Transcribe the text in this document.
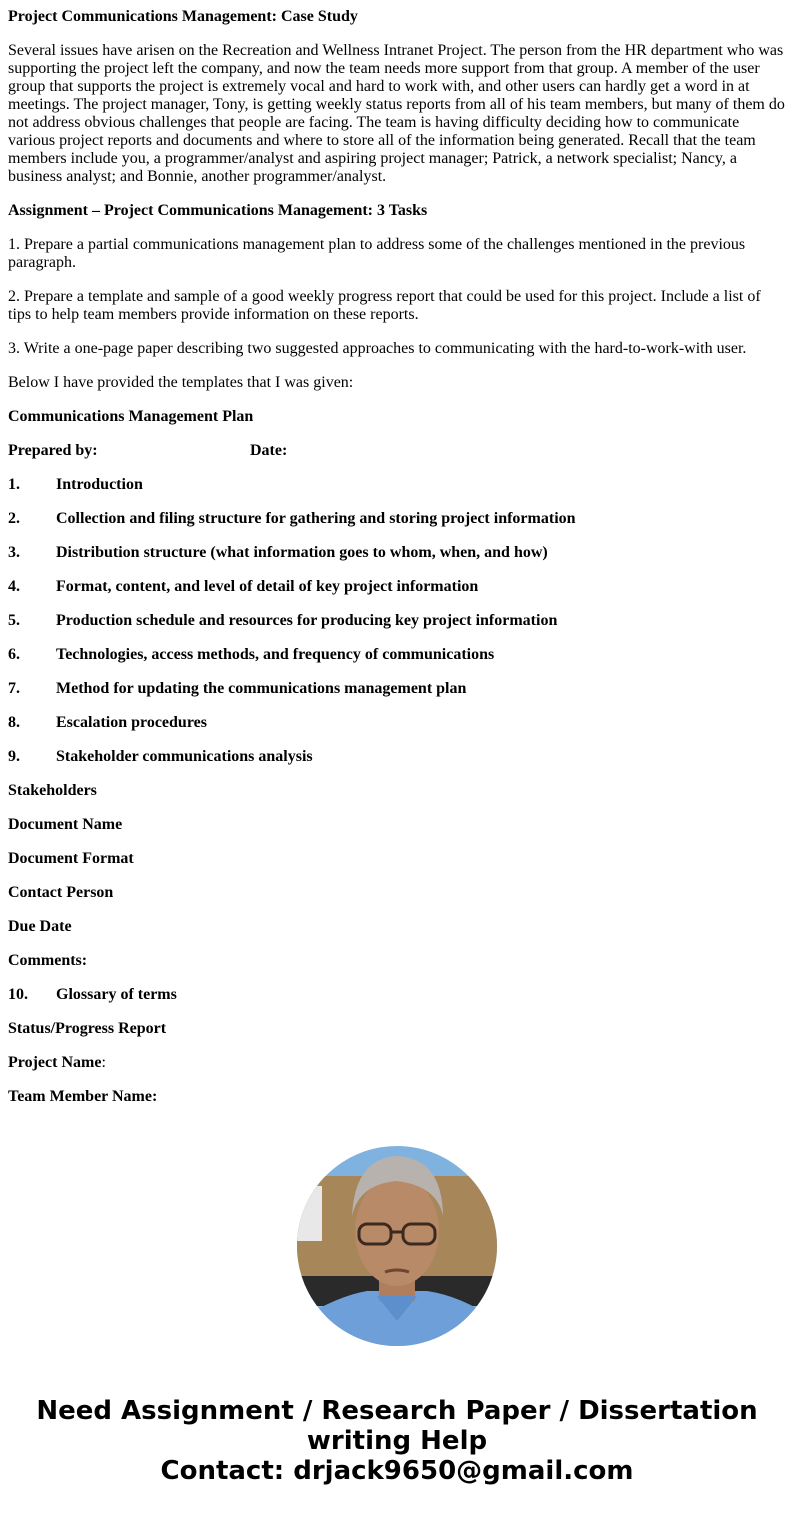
Project Communications Management: Case Study

Several issues have arisen on the Recreation and Wellness Intranet Project. The person from the HR department who was supporting the project left the company, and now the team needs more support from that group. A member of the user group that supports the project is extremely vocal and hard to work with, and other users can hardly get a word in at meetings. The project manager, Tony, is getting weekly status reports from all of his team members, but many of them do not address obvious challenges that people are facing. The team is having difficulty deciding how to communicate various project reports and documents and where to store all of the information being generated. Recall that the team members include you, a programmer/analyst and aspiring project manager; Patrick, a network specialist; Nancy, a business analyst; and Bonnie, another programmer/analyst.

Assignment – Project Communications Management: 3 Tasks

1. Prepare a partial communications management plan to address some of the challenges mentioned in the previous paragraph.

2. Prepare a template and sample of a good weekly progress report that could be used for this project. Include a list of tips to help team members provide information on these reports.

3. Write a one-page paper describing two suggested approaches to communicating with the hard-to-work-with user.

Below I have provided the templates that I was given:

Communications Management Plan

Prepared by:	Date:

1. Introduction

2. Collection and filing structure for gathering and storing project information

3. Distribution structure (what information goes to whom, when, and how)

4. Format, content, and level of detail of key project information

5. Production schedule and resources for producing key project information

6. Technologies, access methods, and frequency of communications

7. Method for updating the communications management plan

8. Escalation procedures

9. Stakeholder communications analysis

Stakeholders

Document Name

Document Format

Contact Person

Due Date

Comments:

10. Glossary of terms

Status/Progress Report

Project Name:

Team Member Name:

Need Assignment / Research Paper / Dissertation writing Help
Contact: drjack9650@gmail.com
